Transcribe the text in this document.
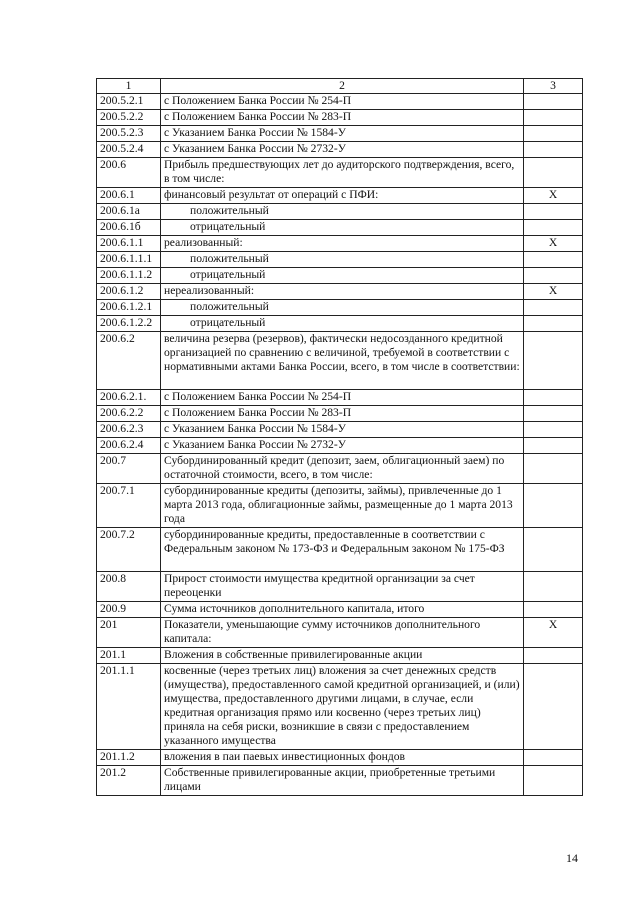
1	2	3
200.5.2.1	с Положением Банка России № 254-П	
200.5.2.2	с Положением Банка России № 283-П	
200.5.2.3	с Указанием Банка России № 1584-У	
200.5.2.4	с Указанием Банка России № 2732-У	
200.6	Прибыль предшествующих лет до аудиторского подтверждения, всего, в том числе:	
200.6.1	финансовый результат от операций с ПФИ:	Х
200.6.1а	положительный	
200.6.1б	отрицательный	
200.6.1.1	реализованный:	Х
200.6.1.1.1	положительный	
200.6.1.1.2	отрицательный	
200.6.1.2	нереализованный:	Х
200.6.1.2.1	положительный	
200.6.1.2.2	отрицательный	
200.6.2	величина резерва (резервов), фактически недосозданного кредитной организацией по сравнению с величиной, требуемой в соответствии с нормативными актами Банка России, всего, в том числе в соответствии:	
200.6.2.1.	с Положением Банка России № 254-П	
200.6.2.2	с Положением Банка России № 283-П	
200.6.2.3	с Указанием Банка России № 1584-У	
200.6.2.4	с Указанием Банка России № 2732-У	
200.7	Субординированный кредит (депозит, заем, облигационный заем) по остаточной стоимости, всего, в том числе:	
200.7.1	субординированные кредиты (депозиты, займы), привлеченные до 1 марта 2013 года, облигационные займы, размещенные до 1 марта 2013 года	
200.7.2	субординированные кредиты, предоставленные в соответствии с Федеральным законом № 173-ФЗ и Федеральным законом № 175-ФЗ	
200.8	Прирост стоимости имущества кредитной организации за счет переоценки	
200.9	Сумма источников дополнительного капитала, итого	
201	Показатели, уменьшающие сумму источников дополнительного капитала:	Х
201.1	Вложения в собственные привилегированные акции	
201.1.1	косвенные (через третьих лиц) вложения за счет денежных средств (имущества), предоставленного самой кредитной организацией, и (или) имущества, предоставленного другими лицами, в случае, если кредитная организация прямо или косвенно (через третьих лиц) приняла на себя риски, возникшие в связи с предоставлением указанного имущества	
201.1.2	вложения в паи паевых инвестиционных фондов	
201.2	Собственные привилегированные акции, приобретенные третьими лицами	
14
